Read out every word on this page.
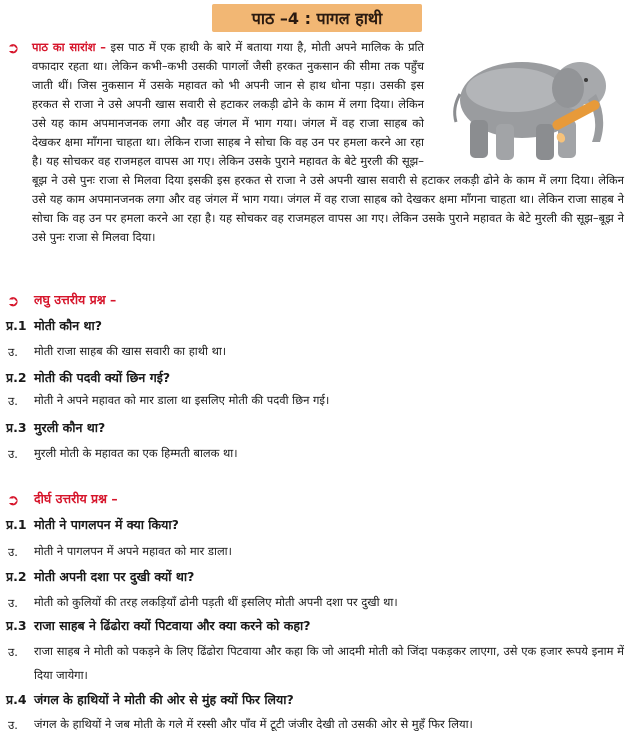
पाठ –4 : पागल हाथी
➲ पाठ का सारांश – इस पाठ में एक हाथी के बारे में बताया गया है, मोती अपने मालिक के प्रति वफादार रहता था। लेकिन कभी–कभी उसकी पागलों जैसी हरकत नुकसान की सीमा तक पहुँच जाती थीं। जिस नुकसान में उसके महावत को भी अपनी जान से हाथ धोना पड़ा। उसकी इस हरकत से राजा ने उसे अपनी खास सवारी से हटाकर लकड़ी ढोने के काम में लगा दिया। लेकिन उसे यह काम अपमानजनक लगा और वह जंगल में भाग गया। जंगल में वह राजा साहब को देखकर क्षमा माँगना चाहता था। लेकिन राजा साहब ने सोचा कि वह उन पर हमला करने आ रहा है। यह सोचकर वह राजमहल वापस आ गए। लेकिन उसके पुराने महावत के बेटे मुरली की सूझ–बूझ ने उसे पुनः राजा से मिलवा दिया इसकी इस हरकत से राजा ने उसे अपनी खास सवारी से हटाकर लकड़ी ढोने के काम में लगा दिया। लेकिन उसे यह काम अपमानजनक लगा और वह जंगल में भाग गया। जंगल में वह राजा साहब को देखकर क्षमा माँगना चाहता था। लेकिन राजा साहब ने सोचा कि वह उन पर हमला करने आ रहा है। यह सोचकर वह राजमहल वापस आ गए। लेकिन उसके पुराने महावत के बेटे मुरली की सूझ–बूझ ने उसे पुनः राजा से मिलवा दिया।
➲ लघु उत्तरीय प्रश्न –
प्र.1 मोती कौन था?
उ. मोती राजा साहब की खास सवारी का हाथी था।
प्र.2 मोती की पदवी क्यों छिन गई?
उ. मोती ने अपने महावत को मार डाला था इसलिए मोती की पदवी छिन गई।
प्र.3 मुरली कौन था?
उ. मुरली मोती के महावत का एक हिम्मती बालक था।
➲ दीर्घ उत्तरीय प्रश्न –
प्र.1 मोती ने पागलपन में क्या किया?
उ. मोती ने पागलपन में अपने महावत को मार डाला।
प्र.2 मोती अपनी दशा पर दुखी क्यों था?
उ. मोती को कुलियों की तरह लकड़ियाँ ढोनी पड़ती थीं इसलिए मोती अपनी दशा पर दुखी था।
प्र.3 राजा साहब ने ढिंढोरा क्यों पिटवाया और क्या करने को कहा?
उ. राजा साहब ने मोती को पकड़ने के लिए ढिंढोरा पिटवाया और कहा कि जो आदमी मोती को जिंदा पकड़कर लाएगा, उसे एक हजार रूपये इनाम में दिया जायेगा।
प्र.4 जंगल के हाथियों ने मोती की ओर से मुंह क्यों फिर लिया?
उ. जंगल के हाथियों ने जब मोती के गले में रस्सी और पाँव में टूटी जंजीर देखी तो उसकी ओर से मुहँ फिर लिया।
